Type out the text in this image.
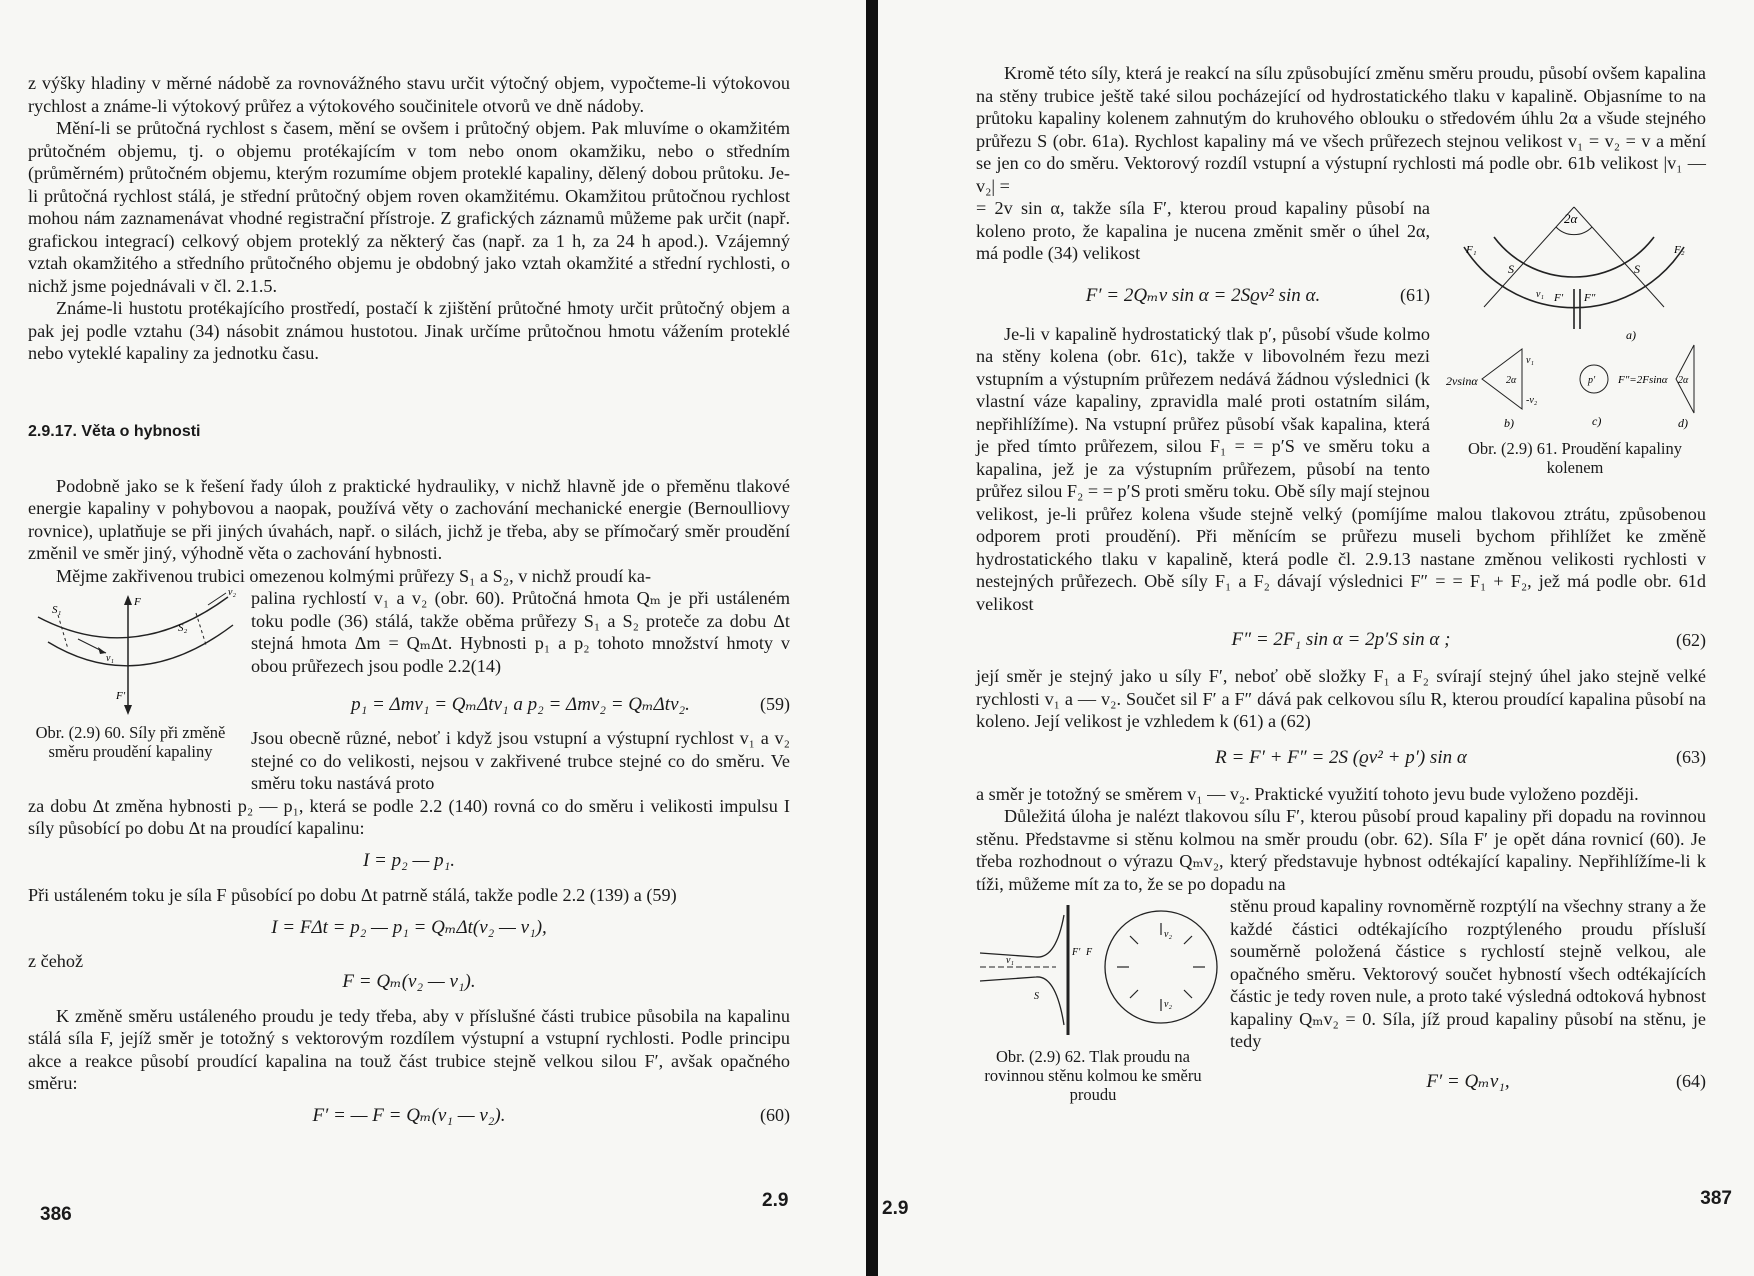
z výšky hladiny v měrné nádobě za rovnovážného stavu určit výtočný objem, vypočteme-li výtokovou rychlost a známe-li výtokový průřez a výtokového součinitele otvorů ve dně nádoby.

Mění-li se průtočná rychlost s časem, mění se ovšem i průtočný objem. Pak mluvíme o okamžitém průtočném objemu, tj. o objemu protékajícím v tom nebo onom okamžiku, nebo o středním (průměrném) průtočném objemu, kterým rozumíme objem proteklé kapaliny, dělený dobou průtoku. Je-li průtočná rychlost stálá, je střední průtočný objem roven okamžitému. Okamžitou průtočnou rychlost mohou nám zaznamenávat vhodné registrační přístroje. Z grafických záznamů můžeme pak určit (např. grafickou integrací) celkový objem proteklý za některý čas (např. za 1 h, za 24 h apod.). Vzájemný vztah okamžitého a středního průtočného objemu je obdobný jako vztah okamžité a střední rychlosti, o nichž jsme pojednávali v čl. 2.1.5.

Známe-li hustotu protékajícího prostředí, postačí k zjištění průtočné hmoty určit průtočný objem a pak jej podle vztahu (34) násobit známou hustotou. Jinak určíme průtočnou hmotu vážením proteklé nebo vyteklé kapaliny za jednotku času.

2.9.17. Věta o hybnosti

Podobně jako se k řešení řady úloh z praktické hydrauliky, v nichž hlavně jde o přeměnu tlakové energie kapaliny v pohybovou a naopak, používá věty o zachování mechanické energie (Bernoulliovy rovnice), uplatňuje se při jiných úvahách, např. o silách, jichž je třeba, aby se přímočarý směr proudění změnil ve směr jiný, výhodně věta o zachování hybnosti.

Mějme zakřivenou trubici omezenou kolmými průřezy S₁ a S₂, v nichž proudí ka-

S₁
S₂
F
F′
v₁
v₂
Obr. (2.9) 60. Síly při změně směru proudění kapaliny

palina rychlostí v₁ a v₂ (obr. 60). Průtočná hmota Qₘ je při ustáleném toku podle (36) stálá, takže oběma průřezy S₁ a S₂ proteče za dobu Δt stejná hmota Δm = QₘΔt. Hybnosti p₁ a p₂ tohoto množství hmoty v obou průřezech jsou podle 2.2(14)

p₁ = Δmv₁ = QₘΔtv₁ a p₂ = Δmv₂ = QₘΔtv₂.	(59)

Jsou obecně různé, neboť i když jsou vstupní a výstupní rychlost v₁ a v₂ stejné co do velikosti, nejsou v zakřivené trubce stejné co do směru. Ve směru toku nastává proto

za dobu Δt změna hybnosti p₂ — p₁, která se podle 2.2 (140) rovná co do směru i velikosti impulsu I síly působící po dobu Δt na proudící kapalinu:

I = p₂ — p₁.

Při ustáleném toku je síla F působící po dobu Δt patrně stálá, takže podle 2.2 (139) a (59)

I = FΔt = p₂ — p₁ = QₘΔt(v₂ — v₁),

z čehož

F = Qₘ(v₂ — v₁).

K změně směru ustáleného proudu je tedy třeba, aby v příslušné části trubice působila na kapalinu stálá síla F, jejíž směr je totožný s vektorovým rozdílem výstupní a vstupní rychlosti. Podle principu akce a reakce působí proudící kapalina na touž část trubice stejně velkou silou F′, avšak opačného směru:

F′ = — F = Qₘ(v₁ — v₂).	(60)
386
2.9

Kromě této síly, která je reakcí na sílu způsobující změnu směru proudu, působí ovšem kapalina na stěny trubice ještě také silou pocházející od hydrostatického tlaku v kapalině. Objasníme to na průtoku kapaliny kolenem zahnutým do kruhového oblouku o středovém úhlu 2α a všude stejného průřezu S (obr. 61a). Rychlost kapaliny má ve všech průřezech stejnou velikost v₁ = v₂ = v a mění se jen co do směru. Vektorový rozdíl vstupní a výstupní rychlosti má podle obr. 61b velikost |v₁ — v₂| =

= 2v sin α, takže síla F′, kterou proud kapaliny působí na koleno proto, že kapalina je nucena změnit směr o úhel 2α, má podle (34) velikost

F′ = 2Qₘv sin α = 2Sϱv² sin α.	(61)

Je-li v kapalině hydrostatický tlak p′, působí všude kolmo na stěny kolena (obr. 61c), takže v libovolném řezu mezi vstupním a výstupním průřezem nedává žádnou výslednici (k vlastní váze kapaliny, zpravidla malé proti ostatním silám, nepřihlížíme). Na vstupní průřez působí však kapalina, která je před tímto průřezem, silou F₁ = = p′S ve směru toku a kapalina, jež je za výstupním průřezem, působí na tento průřez silou F₂ = = p′S proti směru toku. Obě síly mají stejnou

2α
S	S
F₁	F₂
F′ F″
v₁
a)
2vsinα	2α
v₁
-v₂
b)
p′
c)
F″=2Fsinα 2α
d)
Obr. (2.9) 61. Proudění kapaliny kolenem

velikost, je-li průřez kolena všude stejně velký (pomíjíme malou tlakovou ztrátu, způsobenou odporem proti proudění). Při měnícím se průřezu museli bychom přihlížet ke změně hydrostatického tlaku v kapalině, která podle čl. 2.9.13 nastane změnou velikosti rychlosti v nestejných průřezech. Obě síly F₁ a F₂ dávají výslednici F″ = = F₁ + F₂, jež má podle obr. 61d velikost

F″ = 2F₁ sin α = 2p′S sin α ;	(62)

její směr je stejný jako u síly F′, neboť obě složky F₁ a F₂ svírají stejný úhel jako stejně velké rychlosti v₁ a — v₂. Součet sil F′ a F″ dává pak celkovou sílu R, kterou proudící kapalina působí na koleno. Její velikost je vzhledem k (61) a (62)

R = F′ + F″ = 2S (ϱv² + p′) sin α	(63)

a směr je totožný se směrem v₁ — v₂. Praktické využití tohoto jevu bude vyloženo později.

Důležitá úloha je nalézt tlakovou sílu F′, kterou působí proud kapaliny při dopadu na rovinnou stěnu. Představme si stěnu kolmou na směr proudu (obr. 62). Síla F′ je opět dána rovnicí (60). Je třeba rozhodnout o výrazu Qₘv₂, který představuje hybnost odtékající kapaliny. Nepřihlížíme-li k tíži, můžeme mít za to, že se po dopadu na

v₁
F′ F
S
v₂
v₂
Obr. (2.9) 62. Tlak proudu na rovinnou stěnu kolmou ke směru proudu

stěnu proud kapaliny rovnoměrně rozptýlí na všechny strany a že každé částici odtékajícího rozptýleného proudu přísluší souměrně položená částice s rychlostí stejně velkou, ale opačného směru. Vektorový součet hybností všech odtékajících částic je tedy roven nule, a proto také výsledná odtoková hybnost kapaliny Qₘv₂ = 0. Síla, jíž proud kapaliny působí na stěnu, je tedy

F′ = Qₘv₁,	(64)
2.9	387
